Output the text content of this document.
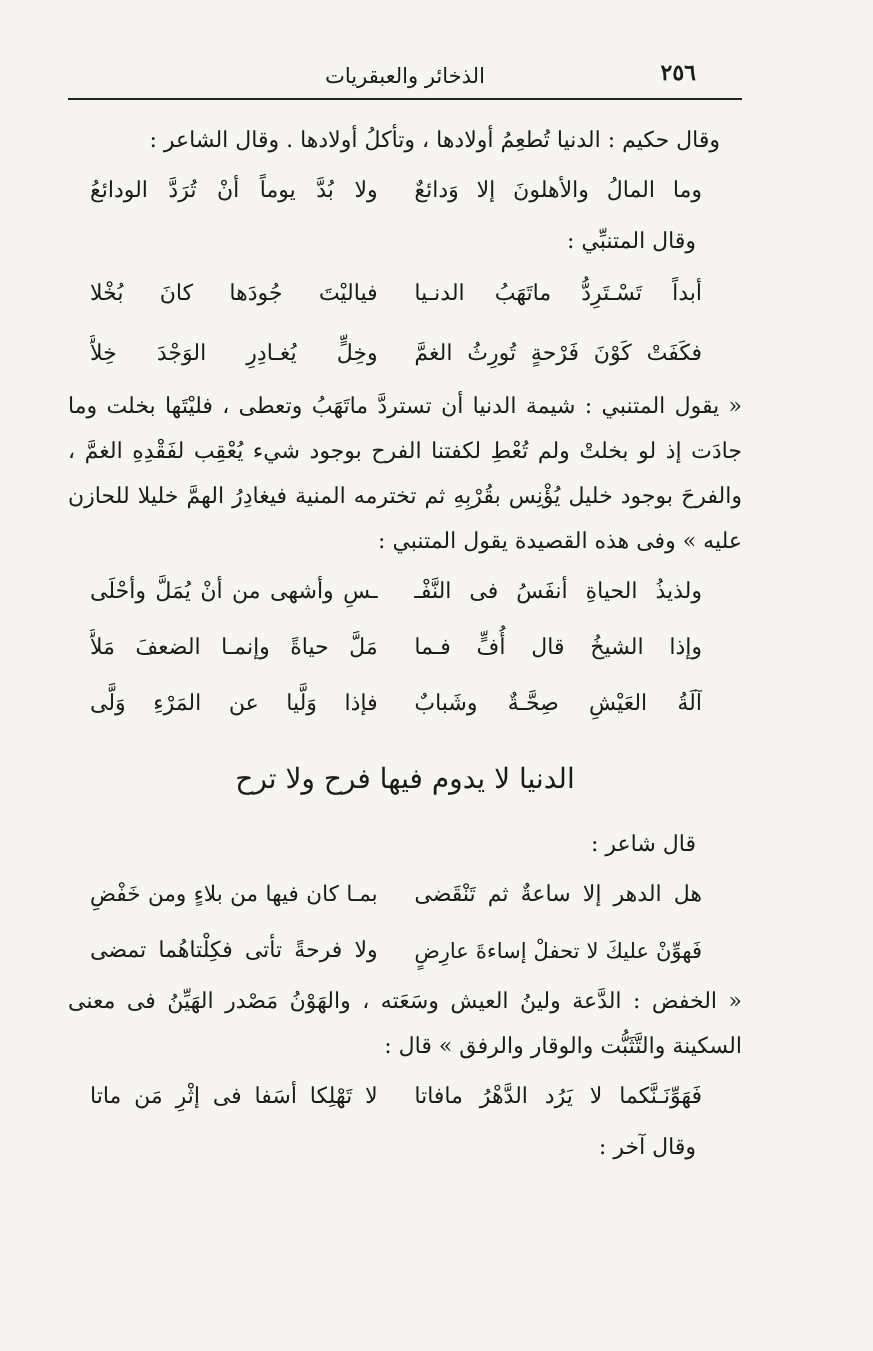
٢٥٦
الذخائر والعبقريات
وقال حكيم : الدنيا تُطعِمُ أولادها ، وتأكلُ أولادها . وقال الشاعر :
وما المالُ والأهلونَ إلا وَدائعٌ
ولا بُدَّ يوماً أنْ تُرَدَّ الودائعُ
وقال المتنبِّي :
أبداً تَسْـتَرِدُّ ماتَهَبُ الدنـيا
فياليْتَ جُودَها كانَ بُخْلا
فكَفَتْ كَوْنَ فَرْحةٍ تُورِثُ الغمَّ
وخِلٍّ يُغـادِرِ الوَجْدَ خِلاَّ
« يقول المتنبي : شيمة الدنيا أن تستردَّ ماتَهَبُ وتعطى ، فليْتَها بخلت وما
جادَت إذ لو بخلتْ ولم تُعْطِ لكفتنا الفرح بوجود شيء يُعْقِب لفَقْدِهِ الغمَّ ،
والفرحَ بوجود خليل يُؤْنِس بقُرْبِهِ ثم تخترمه المنية فيغادِرُ الهمَّ خليلا للحازن
عليه » وفى هذه القصيدة يقول المتنبي :
ولذيذُ الحياةِ أنفَسُ فى النَّفْـ
ـسِ وأشهى من أنْ يُمَلَّ وأحْلَى
وإذا الشيخُ قال أُفٍّ فـما
مَلَّ حياةً وإنمـا الضعفَ مَلاَّ
آلَةُ العَيْشِ صِحَّـةٌ وشَبابٌ
فإذا وَلَّيا عن المَرْءِ وَلَّى
الدنيا لا يدوم فيها فرح ولا ترح
قال شاعر :
هل الدهر إلا ساعةٌ ثم تَنْقَضى
بمـا كان فيها من بلاءٍ ومن خَفْضِ
فَهوِّنْ عليكَ لا تحفلْ إساءةَ عارِضٍ
ولا فرحةً تأتى فكِلْتاهُما تمضى
« الخفض : الدَّعة ولينُ العيش وسَعَته ، والهَوْنُ مَصْدر الهَيِّنُ فى معنى
السكينة والتَّثَبُّت والوقار والرفق » قال :
فَهَوِّنَـنَّكما لا يَرُد الدَّهْرُ مافاتا
لا تَهْلِكا أسَفا فى إثْرِ مَن ماتا
وقال آخر :
